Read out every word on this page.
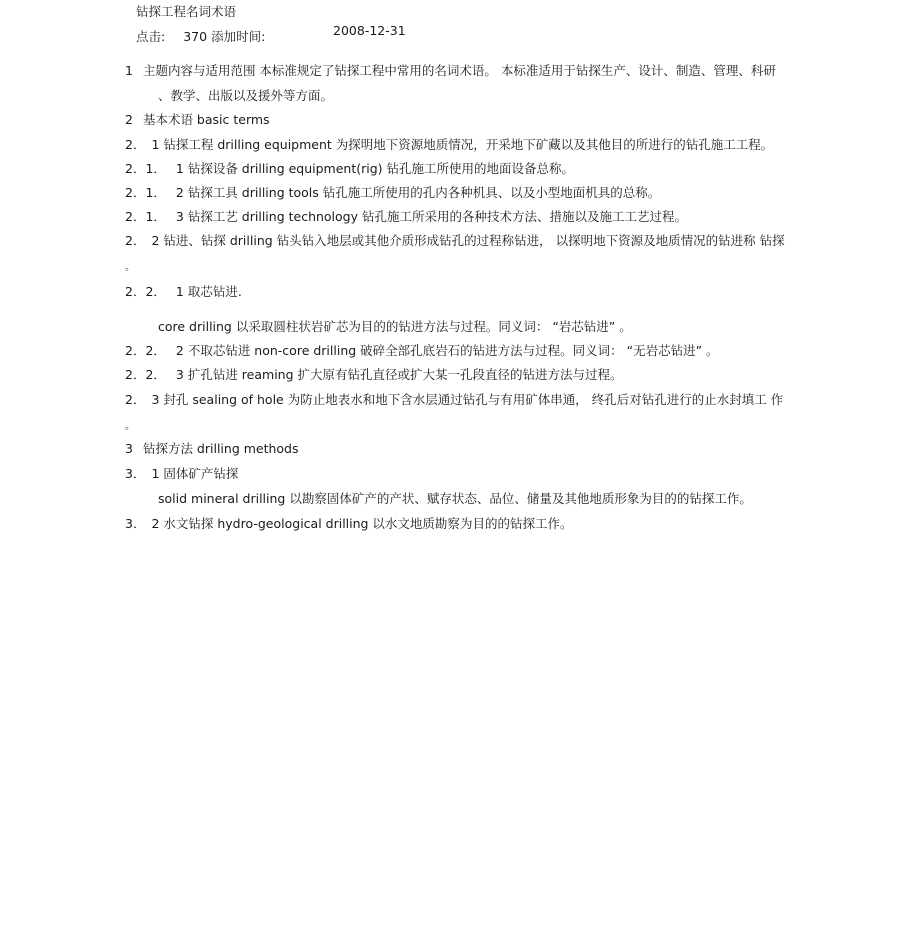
钻探工程名词术语
点击: 370 添加时间:	2008-12-31
1 主题内容与适用范围 本标准规定了钻探工程中常用的名词术语。 本标准适用于钻探生产、设计、制造、管理、科研
、教学、出版以及援外等方面。
2 基本术语 basic terms
2． 1 钻探工程 drilling equipment 为探明地下资源地质情况，开采地下矿藏以及其他目的所进行的钻孔施工工程。
2．1． 1 钻探设备 drilling equipment(rig) 钻孔施工所使用的地面设备总称。
2．1． 2 钻探工具 drilling tools 钻孔施工所使用的孔内各种机具、以及小型地面机具的总称。
2．1． 3 钻探工艺 drilling technology 钻孔施工所采用的各种技术方法、措施以及施工工艺过程。
2． 2 钻进、钻探 drilling 钻头钻入地层或其他介质形成钻孔的过程称钻进， 以探明地下资源及地质情况的钻进称 钻探
。
2．2． 1 取芯钻进.
core drilling 以采取圆柱状岩矿芯为目的的钻进方法与过程。同义词： “岩芯钻进” 。
2．2． 2 不取芯钻进 non-core drilling 破碎全部孔底岩石的钻进方法与过程。同义词： “无岩芯钻进” 。
2．2． 3 扩孔钻进 reaming 扩大原有钻孔直径或扩大某一孔段直径的钻进方法与过程。
2． 3 封孔 sealing of hole 为防止地表水和地下含水层通过钻孔与有用矿体串通， 终孔后对钻孔进行的止水封填工 作
。
3 钻探方法 drilling methods
3． 1 固体矿产钻探
solid mineral drilling 以勘察固体矿产的产状、赋存状态、品位、储量及其他地质形象为目的的钻探工作。
3． 2 水文钻探 hydro-geological drilling 以水文地质勘察为目的的钻探工作。
